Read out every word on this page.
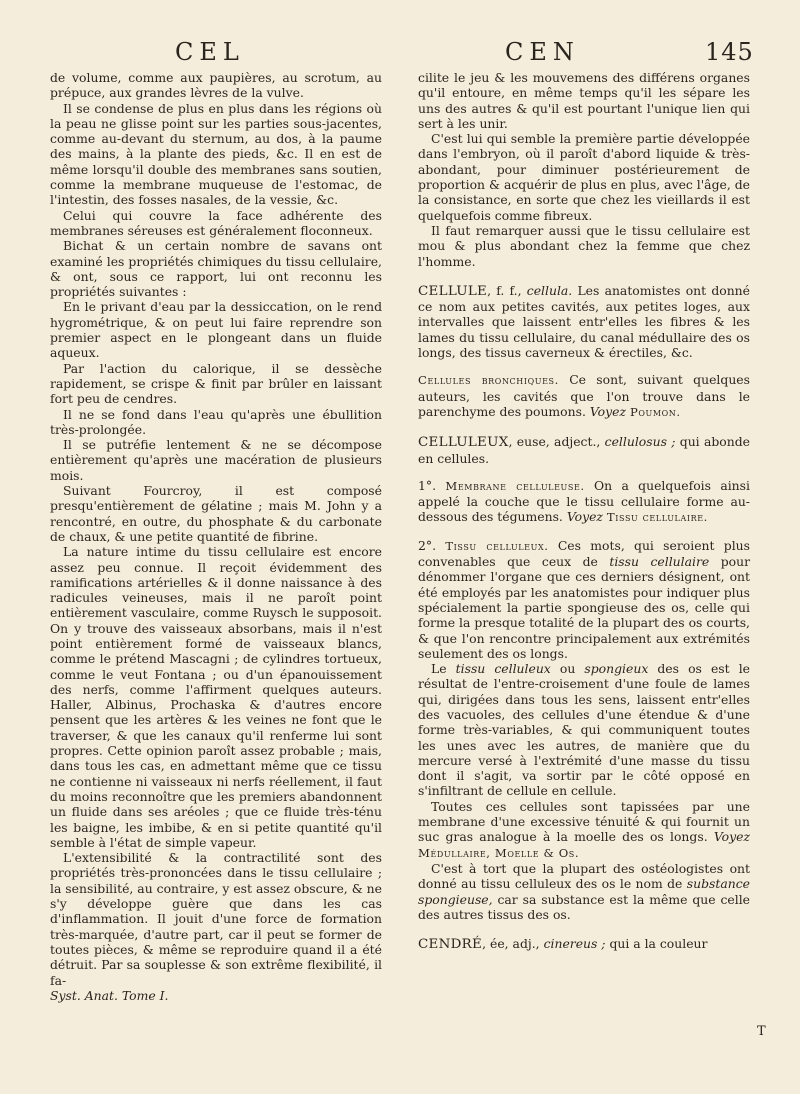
CEL	CEN	145

de volume, comme aux paupières, au scrotum, au prépuce, aux grandes lèvres de la vulve.

Il se condense de plus en plus dans les régions où la peau ne glisse point sur les parties sous-jacentes, comme au-devant du sternum, au dos, à la paume des mains, à la plante des pieds, &c. Il en est de même lorsqu'il double des membranes sans soutien, comme la membrane muqueuse de l'estomac, de l'intestin, des fosses nasales, de la vessie, &c.

Celui qui couvre la face adhérente des membranes séreuses est généralement floconneux.

Bichat & un certain nombre de savans ont examiné les propriétés chimiques du tissu cellulaire, & ont, sous ce rapport, lui ont reconnu les propriétés suivantes :

En le privant d'eau par la dessiccation, on le rend hygrométrique, & on peut lui faire reprendre son premier aspect en le plongeant dans un fluide aqueux.

Par l'action du calorique, il se dessèche rapidement, se crispe & finit par brûler en laissant fort peu de cendres.

Il ne se fond dans l'eau qu'après une ébullition très-prolongée.

Il se putréfie lentement & ne se décompose entièrement qu'après une macération de plusieurs mois.

Suivant Fourcroy, il est composé presqu'entièrement de gélatine ; mais M. John y a rencontré, en outre, du phosphate & du carbonate de chaux, & une petite quantité de fibrine.

La nature intime du tissu cellulaire est encore assez peu connue. Il reçoit évidemment des ramifications artérielles & il donne naissance à des radicules veineuses, mais il ne paroît point entièrement vasculaire, comme Ruysch le supposoit. On y trouve des vaisseaux absorbans, mais il n'est point entièrement formé de vaisseaux blancs, comme le prétend Mascagni ; de cylindres tortueux, comme le veut Fontana ; ou d'un épanouissement des nerfs, comme l'affirment quelques auteurs. Haller, Albinus, Prochaska & d'autres encore pensent que les artères & les veines ne font que le traverser, & que les canaux qu'il renferme lui sont propres. Cette opinion paroît assez probable ; mais, dans tous les cas, en admettant même que ce tissu ne contienne ni vaisseaux ni nerfs réellement, il faut du moins reconnoître que les premiers abandonnent un fluide dans ses aréoles ; que ce fluide très-ténu les baigne, les imbibe, & en si petite quantité qu'il semble à l'état de simple vapeur.

L'extensibilité & la contractilité sont des propriétés très-prononcées dans le tissu cellulaire ; la sensibilité, au contraire, y est assez obscure, & ne s'y développe guère que dans les cas d'inflammation. Il jouit d'une force de formation très-marquée, d'autre part, car il peut se former de toutes pièces, & même se reproduire quand il a été détruit. Par sa souplesse & son extrême flexibilité, il fa-

Syst. Anat. Tome I.

cilite le jeu & les mouvemens des différens organes qu'il entoure, en même temps qu'il les sépare les uns des autres & qu'il est pourtant l'unique lien qui sert à les unir.

C'est lui qui semble la première partie développée dans l'embryon, où il paroît d'abord liquide & très-abondant, pour diminuer postérieurement de proportion & acquérir de plus en plus, avec l'âge, de la consistance, en sorte que chez les vieillards il est quelquefois comme fibreux.

Il faut remarquer aussi que le tissu cellulaire est mou & plus abondant chez la femme que chez l'homme.

CELLULE, f. f., cellula. Les anatomistes ont donné ce nom aux petites cavités, aux petites loges, aux intervalles que laissent entr'elles les fibres & les lames du tissu cellulaire, du canal médullaire des os longs, des tissus caverneux & érectiles, &c.

Cellules bronchiques. Ce sont, suivant quelques auteurs, les cavités que l'on trouve dans le parenchyme des poumons. Voyez Poumon.

CELLULEUX, euse, adject., cellulosus ; qui abonde en cellules.

1°. Membrane celluleuse. On a quelquefois ainsi appelé la couche que le tissu cellulaire forme au-dessous des tégumens. Voyez Tissu cellulaire.

2°. Tissu celluleux. Ces mots, qui seroient plus convenables que ceux de tissu cellulaire pour dénommer l'organe que ces derniers désignent, ont été employés par les anatomistes pour indiquer plus spécialement la partie spongieuse des os, celle qui forme la presque totalité de la plupart des os courts, & que l'on rencontre principalement aux extrémités seulement des os longs.

Le tissu celluleux ou spongieux des os est le résultat de l'entre-croisement d'une foule de lames qui, dirigées dans tous les sens, laissent entr'elles des vacuoles, des cellules d'une étendue & d'une forme très-variables, & qui communiquent toutes les unes avec les autres, de manière que du mercure versé à l'extrémité d'une masse du tissu dont il s'agit, va sortir par le côté opposé en s'infiltrant de cellule en cellule.

Toutes ces cellules sont tapissées par une membrane d'une excessive ténuité & qui fournit un suc gras analogue à la moelle des os longs. Voyez Médullaire, Moelle & Os.

C'est à tort que la plupart des ostéologistes ont donné au tissu celluleux des os le nom de substance spongieuse, car sa substance est la même que celle des autres tissus des os.

CENDRÉ, ée, adj., cinereus ; qui a la couleur

T
